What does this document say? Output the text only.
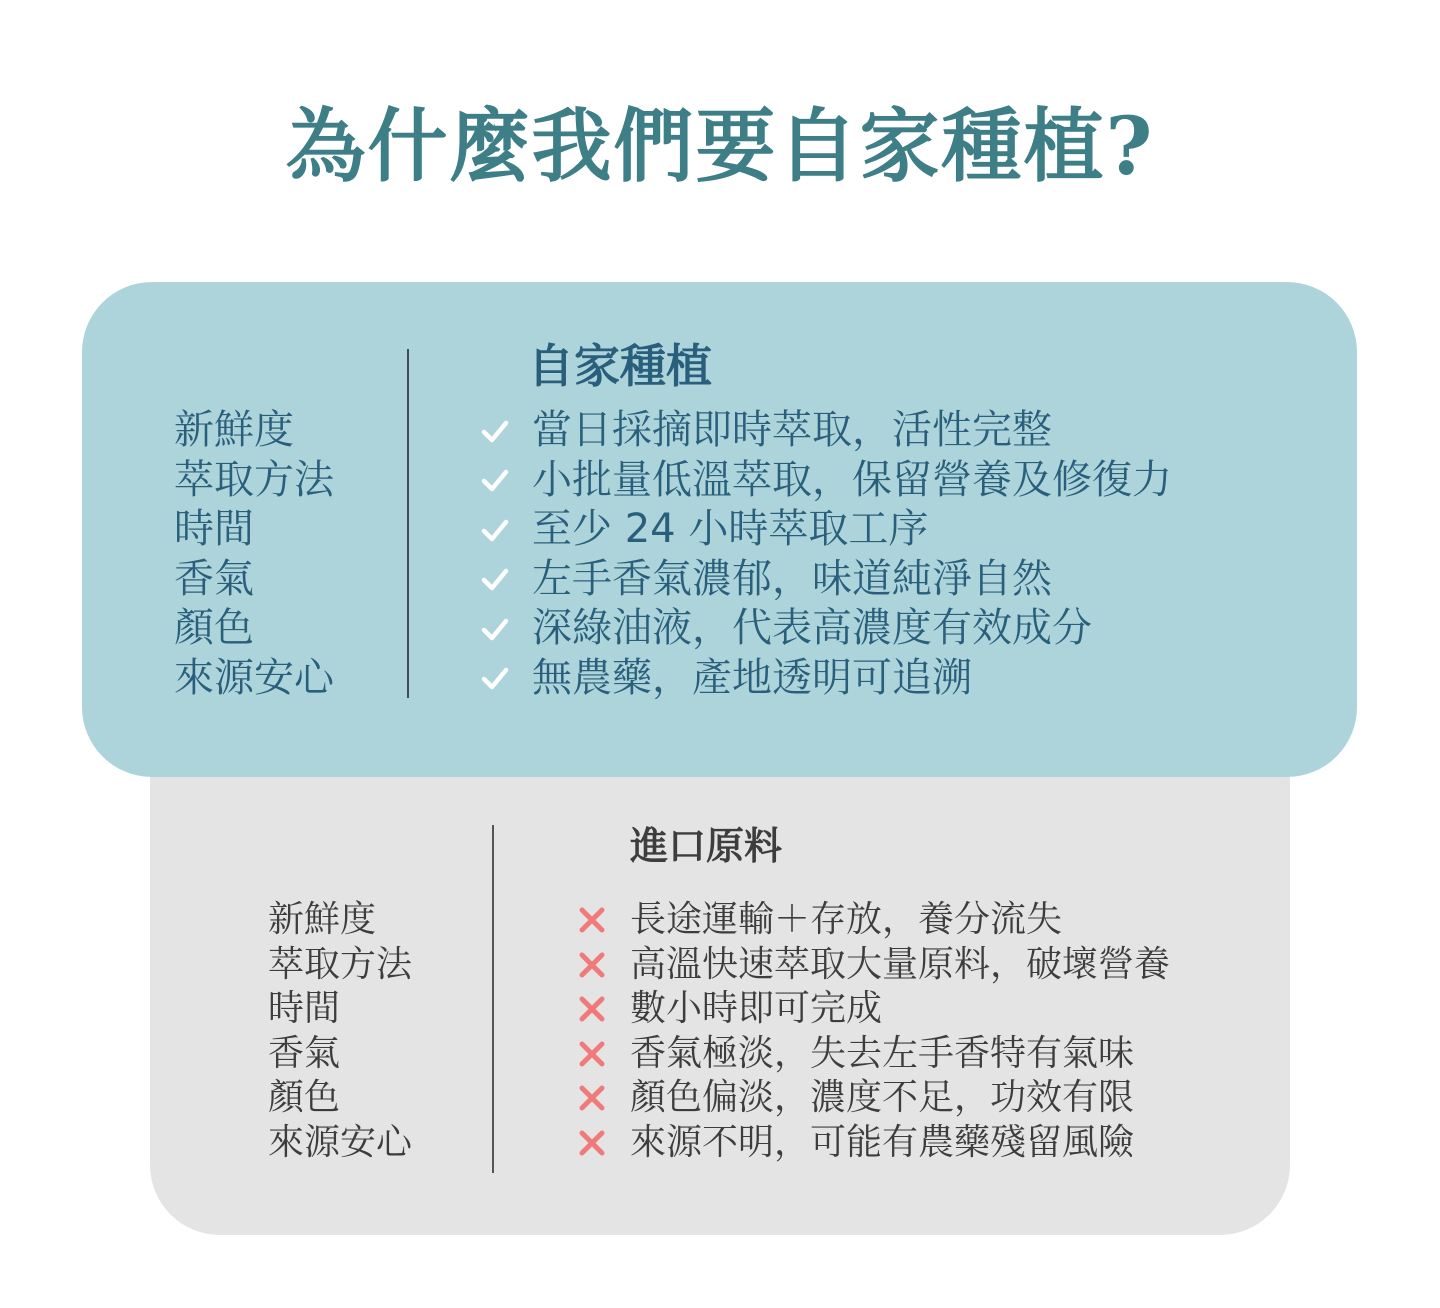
為什麼我們要自家種植?
新鮮度
萃取方法
時間
香氣
顏色
來源安心
進口原料
長途運輸＋存放，養分流失
高溫快速萃取大量原料，破壞營養
數小時即可完成
香氣極淡，失去左手香特有氣味
顏色偏淡，濃度不足，功效有限
來源不明，可能有農藥殘留風險
新鮮度
萃取方法
時間
香氣
顏色
來源安心
自家種植
當日採摘即時萃取，活性完整
小批量低溫萃取，保留營養及修復力
至少 24 小時萃取工序
左手香氣濃郁，味道純淨自然
深綠油液，代表高濃度有效成分
無農藥，產地透明可追溯
